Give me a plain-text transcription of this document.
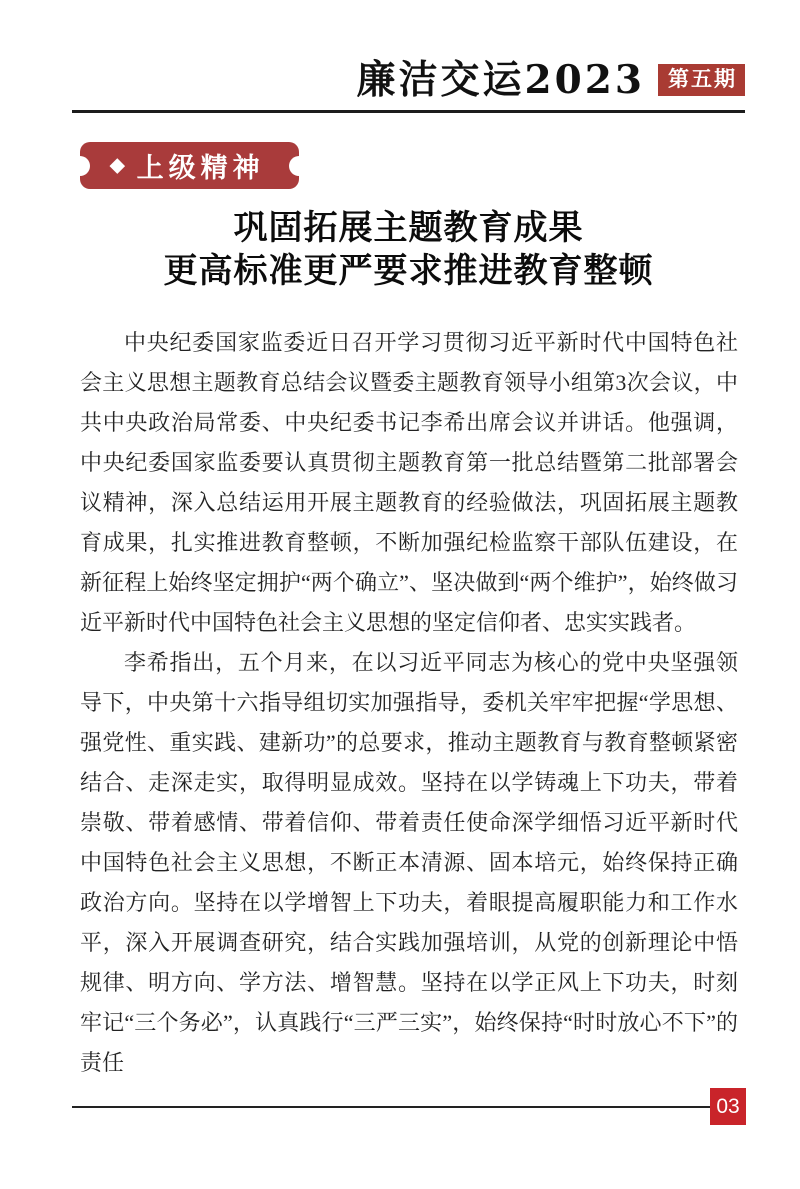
廉洁交运2023	第五期
◆ 上级精神
巩固拓展主题教育成果
更高标准更严要求推进教育整顿

中央纪委国家监委近日召开学习贯彻习近平新时代中国特色社会主义思想主题教育总结会议暨委主题教育领导小组第3次会议，中共中央政治局常委、中央纪委书记李希出席会议并讲话。他强调，中央纪委国家监委要认真贯彻主题教育第一批总结暨第二批部署会议精神，深入总结运用开展主题教育的经验做法，巩固拓展主题教育成果，扎实推进教育整顿，不断加强纪检监察干部队伍建设，在新征程上始终坚定拥护“两个确立”、坚决做到“两个维护”，始终做习近平新时代中国特色社会主义思想的坚定信仰者、忠实实践者。

李希指出，五个月来，在以习近平同志为核心的党中央坚强领导下，中央第十六指导组切实加强指导，委机关牢牢把握“学思想、强党性、重实践、建新功”的总要求，推动主题教育与教育整顿紧密结合、走深走实，取得明显成效。坚持在以学铸魂上下功夫，带着崇敬、带着感情、带着信仰、带着责任使命深学细悟习近平新时代中国特色社会主义思想，不断正本清源、固本培元，始终保持正确政治方向。坚持在以学增智上下功夫，着眼提高履职能力和工作水平，深入开展调查研究，结合实践加强培训，从党的创新理论中悟规律、明方向、学方法、增智慧。坚持在以学正风上下功夫，时刻牢记“三个务必”，认真践行“三严三实”，始终保持“时时放心不下”的责任

03
